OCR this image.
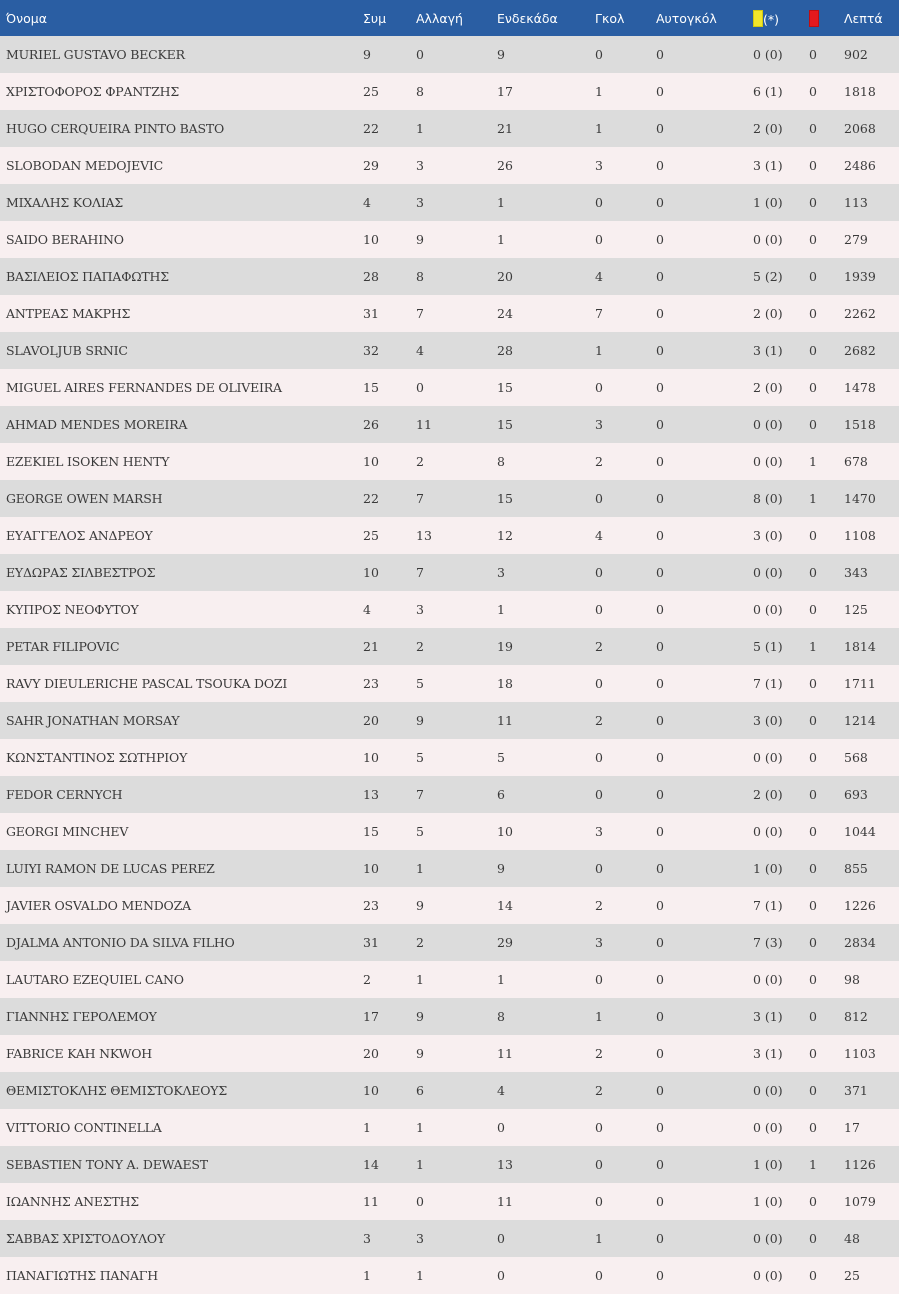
Όνομα	Συμ	Αλλαγή	Ενδεκάδα	Γκολ	Αυτογκόλ	(*)		Λεπτά
MURIEL GUSTAVO BECKER	9	0	9	0	0	0 (0)	0	902
ΧΡΙΣΤΟΦΟΡΟΣ ΦΡΑΝΤΖΗΣ	25	8	17	1	0	6 (1)	0	1818
HUGO CERQUEIRA PINTO BASTO	22	1	21	1	0	2 (0)	0	2068
SLOBODAN MEDOJEVIC	29	3	26	3	0	3 (1)	0	2486
ΜΙΧΑΛΗΣ ΚΟΛΙΑΣ	4	3	1	0	0	1 (0)	0	113
SAIDO BERAHINO	10	9	1	0	0	0 (0)	0	279
ΒΑΣΙΛΕΙΟΣ ΠΑΠΑΦΩΤΗΣ	28	8	20	4	0	5 (2)	0	1939
ΑΝΤΡΕΑΣ ΜΑΚΡΗΣ	31	7	24	7	0	2 (0)	0	2262
SLAVOLJUB SRNIC	32	4	28	1	0	3 (1)	0	2682
MIGUEL AIRES FERNANDES DE OLIVEIRA	15	0	15	0	0	2 (0)	0	1478
AHMAD MENDES MOREIRA	26	11	15	3	0	0 (0)	0	1518
EZEKIEL ISOKEN HENTY	10	2	8	2	0	0 (0)	1	678
GEORGE OWEN MARSH	22	7	15	0	0	8 (0)	1	1470
ΕΥΑΓΓΕΛΟΣ ΑΝΔΡΕΟΥ	25	13	12	4	0	3 (0)	0	1108
ΕΥΔΩΡΑΣ ΣΙΛΒΕΣΤΡΟΣ	10	7	3	0	0	0 (0)	0	343
ΚΥΠΡΟΣ ΝΕΟΦΥΤΟΥ	4	3	1	0	0	0 (0)	0	125
PETAR FILIPOVIC	21	2	19	2	0	5 (1)	1	1814
RAVY DIEULERICHE PASCAL TSOUKA DOZI	23	5	18	0	0	7 (1)	0	1711
SAHR JONATHAN MORSAY	20	9	11	2	0	3 (0)	0	1214
ΚΩΝΣΤΑΝΤΙΝΟΣ ΣΩΤΗΡΙΟΥ	10	5	5	0	0	0 (0)	0	568
FEDOR CERNYCH	13	7	6	0	0	2 (0)	0	693
GEORGI MINCHEV	15	5	10	3	0	0 (0)	0	1044
LUIYI RAMON DE LUCAS PEREZ	10	1	9	0	0	1 (0)	0	855
JAVIER OSVALDO MENDOZA	23	9	14	2	0	7 (1)	0	1226
DJALMA ANTONIO DA SILVA FILHO	31	2	29	3	0	7 (3)	0	2834
LAUTARO EZEQUIEL CANO	2	1	1	0	0	0 (0)	0	98
ΓΙΑΝΝΗΣ ΓΕΡΟΛΕΜΟΥ	17	9	8	1	0	3 (1)	0	812
FABRICE KAH NKWOH	20	9	11	2	0	3 (1)	0	1103
ΘΕΜΙΣΤΟΚΛΗΣ ΘΕΜΙΣΤΟΚΛΕΟΥΣ	10	6	4	2	0	0 (0)	0	371
VITTORIO CONTINELLA	1	1	0	0	0	0 (0)	0	17
SEBASTIEN TONY A. DEWAEST	14	1	13	0	0	1 (0)	1	1126
ΙΩΑΝΝΗΣ ΑΝΕΣΤΗΣ	11	0	11	0	0	1 (0)	0	1079
ΣΑΒΒΑΣ ΧΡΙΣΤΟΔΟΥΛΟΥ	3	3	0	1	0	0 (0)	0	48
ΠΑΝΑΓΙΩΤΗΣ ΠΑΝΑΓΗ	1	1	0	0	0	0 (0)	0	25
